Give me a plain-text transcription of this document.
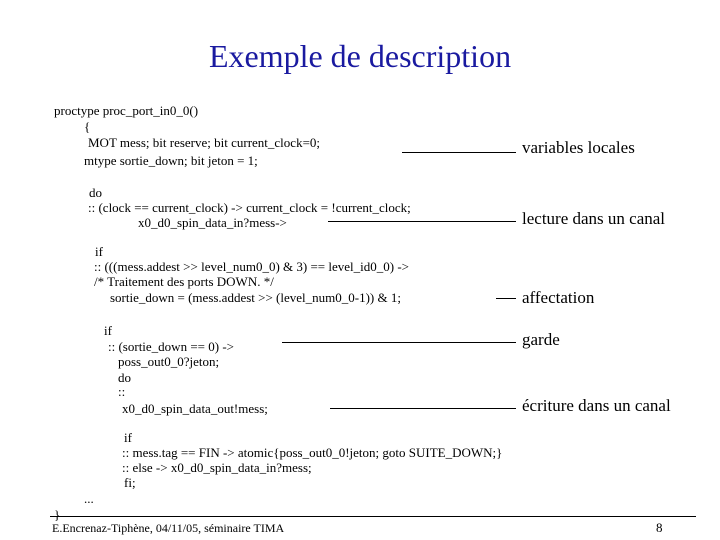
Exemple de description
proctype proc_port_in0_0()
{
MOT mess; bit reserve; bit current_clock=0;
mtype sortie_down; bit jeton = 1;
do
:: (clock == current_clock) -> current_clock = !current_clock;
x0_d0_spin_data_in?mess->
if
:: (((mess.addest >> level_num0_0) & 3) == level_id0_0) ->
/* Traitement des ports DOWN. */
sortie_down = (mess.addest >> (level_num0_0-1)) & 1;
if
:: (sortie_down == 0) ->
poss_out0_0?jeton;
do
::
x0_d0_spin_data_out!mess;
if
:: mess.tag == FIN -> atomic{poss_out0_0!jeton; goto SUITE_DOWN;}
:: else -> x0_d0_spin_data_in?mess;
fi;
...
}
variables locales
lecture dans un canal
affectation
garde
écriture dans un canal
E.Encrenaz-Tiphène, 04/11/05, séminaire TIMA	8
